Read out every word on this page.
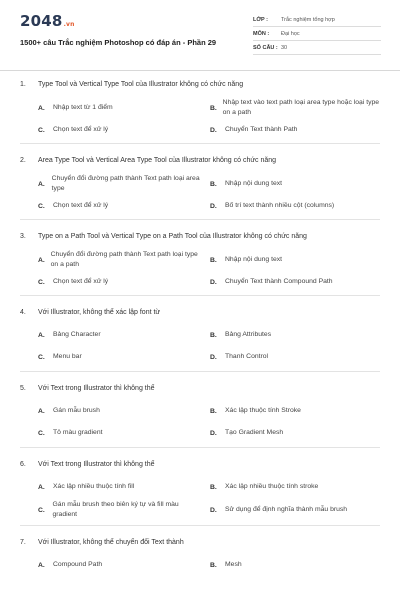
2048.vn
1500+ câu Trắc nghiệm Photoshop có đáp án - Phần 29
LỚP :	Trắc nghiệm tổng hợp
MÔN :	Đại học
SỐ CÂU : 30
1.	Type Tool và Vertical Type Tool của Illustrator không có chức năng
A.	Nhập text từ 1 điểm	B.
Nhập text vào text path loại area type hoặc loại type on a path
C.	Chọn text để xử lý	D.	Chuyển Text thành Path
2.	Area Type Tool và Vertical Area Type Tool của Illustrator không có chức năng
A.
Chuyển đổi đường path thành Text path loại area type
B.	Nhập nội dung text
C.	Chọn text để xử lý	D.	Bố trí text thành nhiều cột (columns)
3.	Type on a Path Tool và Vertical Type on a Path Tool của Illustrator không có chức năng
A.
Chuyển đổi đường path thành Text path loại type on a path
B.	Nhập nội dung text
C.	Chọn text để xử lý	D.	Chuyển Text thành Compound Path
4.	Với Illustrator, không thể xác lập font từ
A.	Bảng Character	B.	Bảng Attributes
C.	Menu bar	D.	Thanh Control
5.	Với Text trong Illustrator thì không thể
A.	Gán mẫu brush	B.	Xác lập thuộc tính Stroke
C.	Tô màu gradient	D.	Tạo Gradient Mesh
6.	Với Text trong Illustrator thì không thể
A.	Xác lập nhiều thuộc tính fill	B.	Xác lập nhiều thuộc tính stroke
C.
Gán mẫu brush theo biên ký tự và fill màu gradient
D.	Sử dụng để định nghĩa thành mẫu brush
7.	Với Illustrator, không thể chuyển đổi Text thành
A.	Compound Path	B.	Mesh
